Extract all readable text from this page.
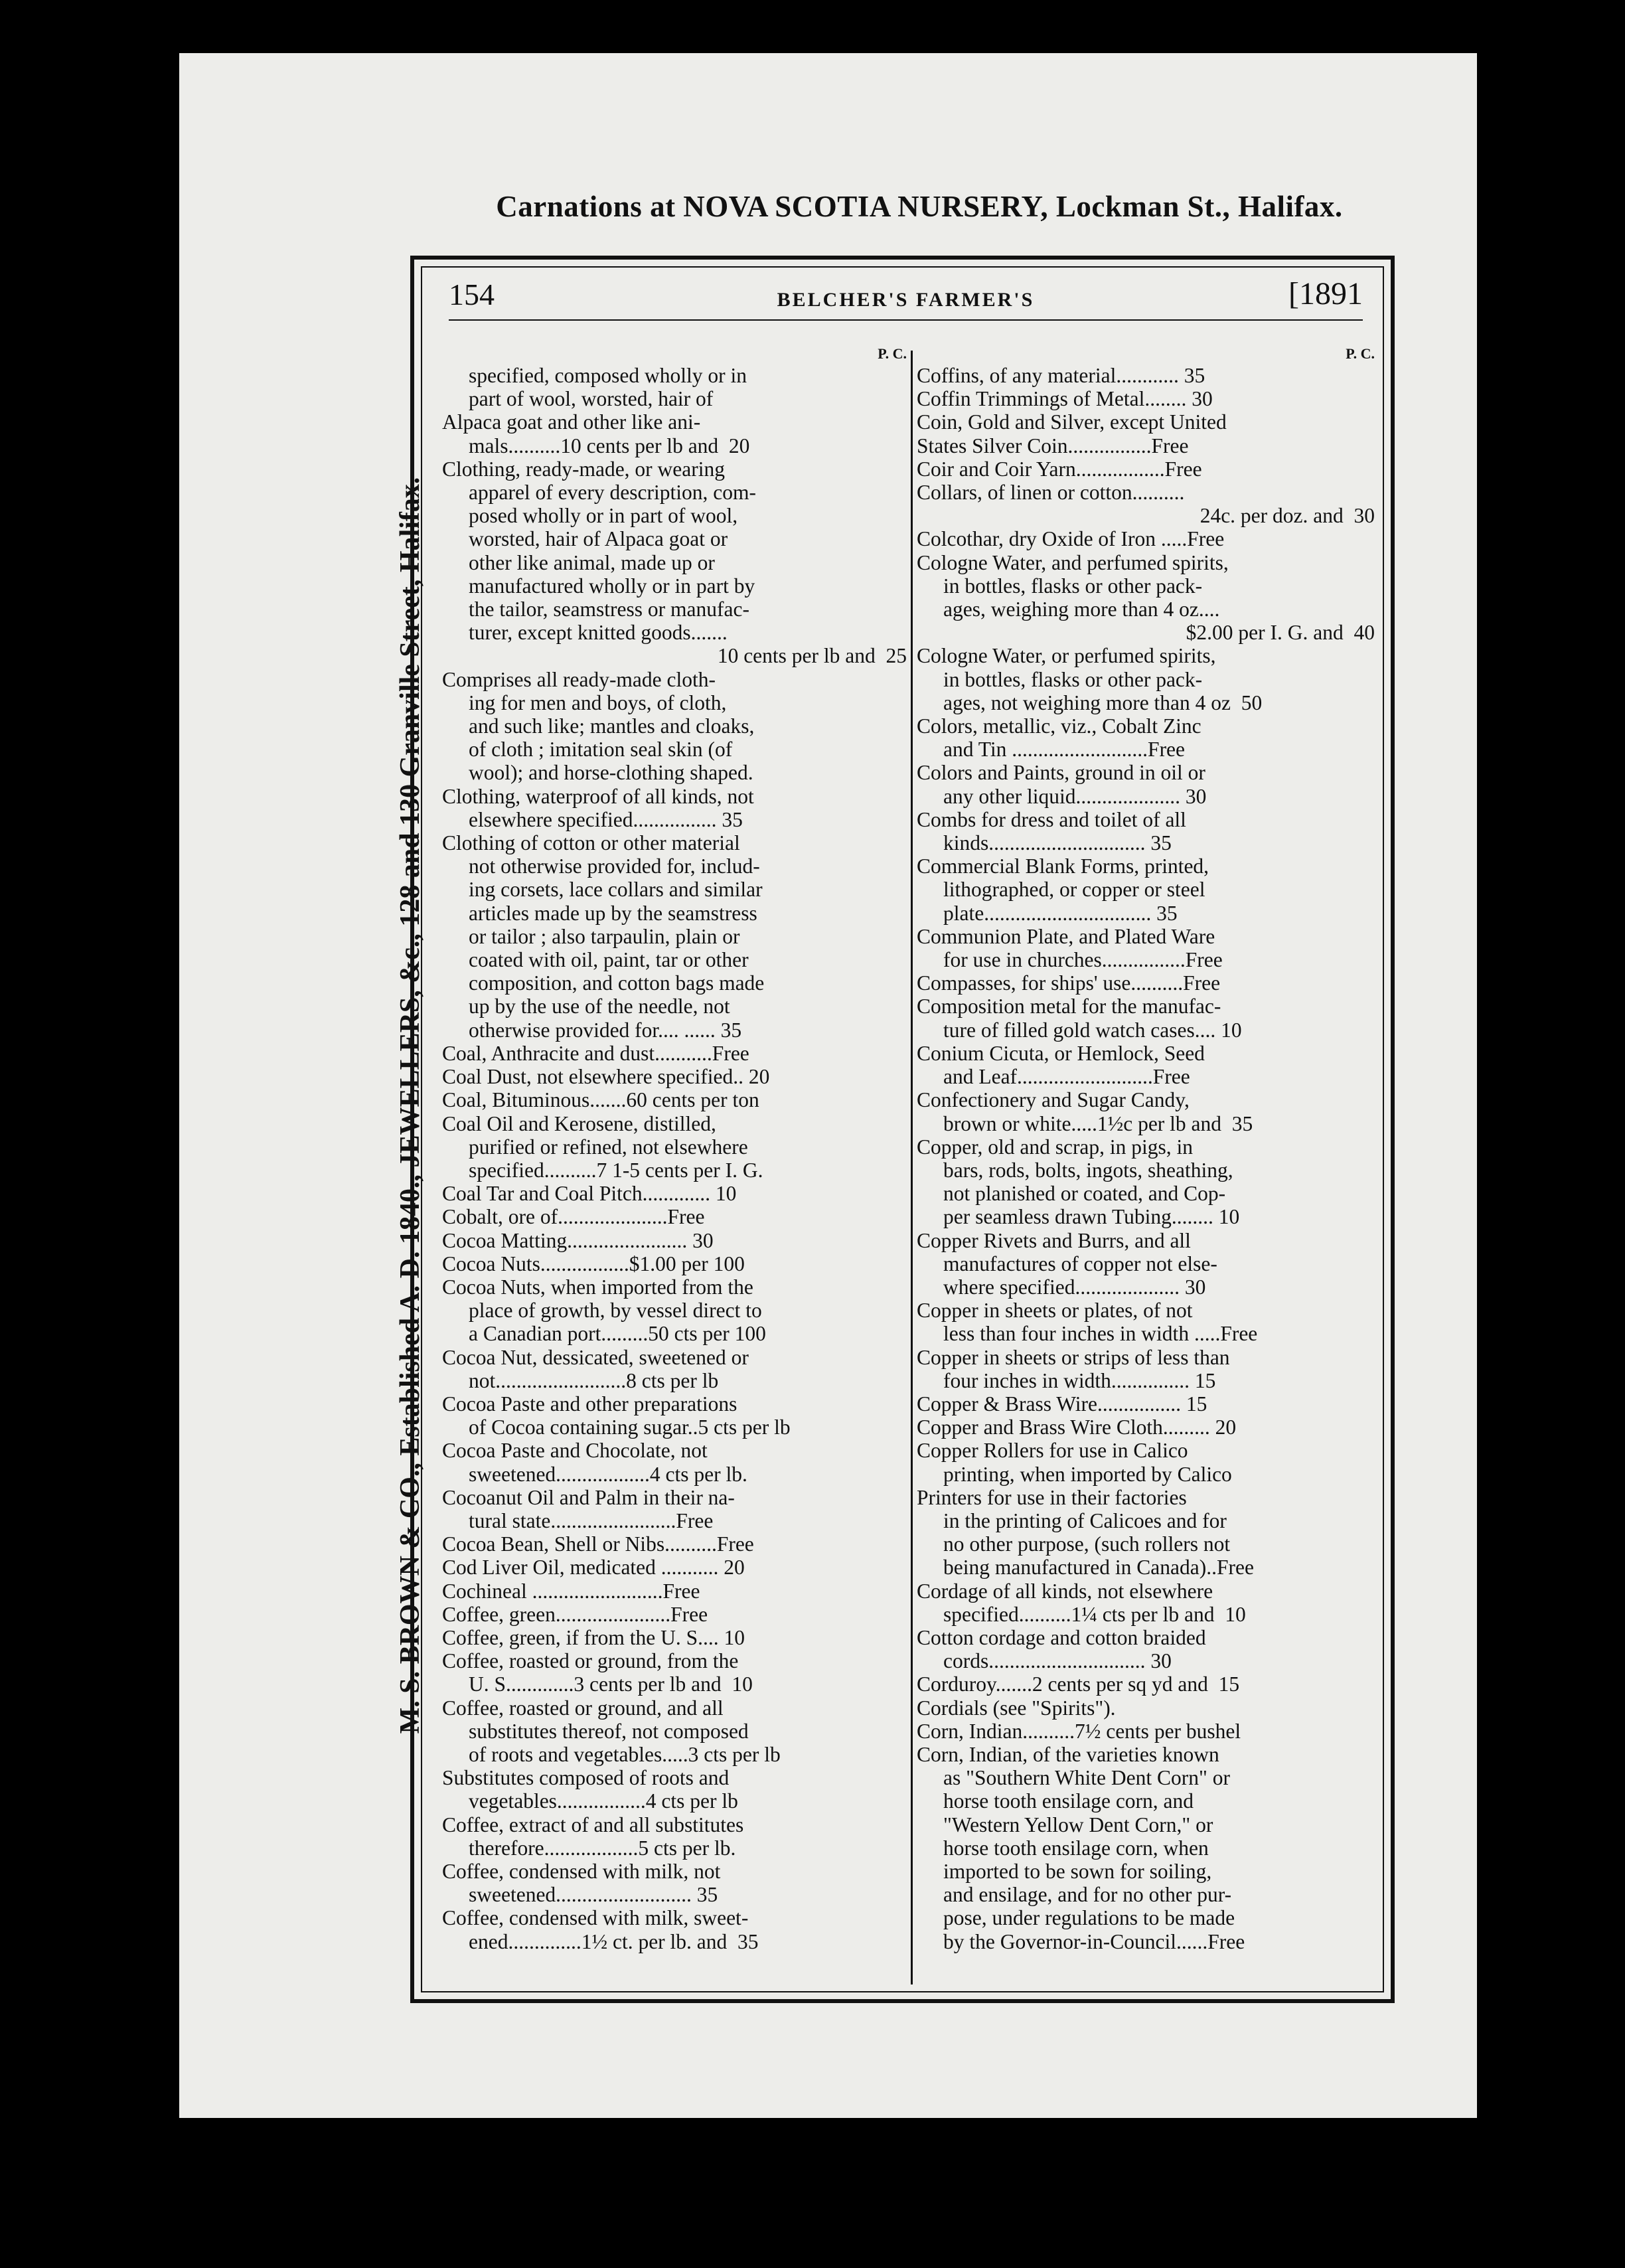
Carnations at NOVA SCOTIA NURSERY, Lockman St., Halifax.
M. S. BROWN & CO., Established A. D. 1840., JEWELLERS, &c., 128 and 130 Granville Street, Halifax.
154	BELCHER'S FARMER'S	[1891
P. C.
specified, composed wholly or in
part of wool, worsted, hair of
Alpaca goat and other like ani-
mals..........10 cents per lb and  20
Clothing, ready-made, or wearing
apparel of every description, com-
posed wholly or in part of wool,
worsted, hair of Alpaca goat or
other like animal, made up or
manufactured wholly or in part by
the tailor, seamstress or manufac-
turer, except knitted goods.......
10 cents per lb and  25
Comprises all ready-made cloth-
ing for men and boys, of cloth,
and such like; mantles and cloaks,
of cloth ; imitation seal skin (of
wool); and horse-clothing shaped.
Clothing, waterproof of all kinds, not
elsewhere specified................ 35
Clothing of cotton or other material
not otherwise provided for, includ-
ing corsets, lace collars and similar
articles made up by the seamstress
or tailor ; also tarpaulin, plain or
coated with oil, paint, tar or other
composition, and cotton bags made
up by the use of the needle, not
otherwise provided for.... ...... 35
Coal, Anthracite and dust...........Free
Coal Dust, not elsewhere specified.. 20
Coal, Bituminous.......60 cents per ton
Coal Oil and Kerosene, distilled,
purified or refined, not elsewhere
specified..........7 1-5 cents per I. G.
Coal Tar and Coal Pitch............. 10
Cobalt, ore of.....................Free
Cocoa Matting....................... 30
Cocoa Nuts.................$1.00 per 100
Cocoa Nuts, when imported from the
place of growth, by vessel direct to
a Canadian port.........50 cts per 100
Cocoa Nut, dessicated, sweetened or
not.........................8 cts per lb
Cocoa Paste and other preparations
of Cocoa containing sugar..5 cts per lb
Cocoa Paste and Chocolate, not
sweetened..................4 cts per lb.
Cocoanut Oil and Palm in their na-
tural state........................Free
Cocoa Bean, Shell or Nibs..........Free
Cod Liver Oil, medicated ........... 20
Cochineal .........................Free
Coffee, green......................Free
Coffee, green, if from the U. S.... 10
Coffee, roasted or ground, from the
U. S.............3 cents per lb and  10
Coffee, roasted or ground, and all
substitutes thereof, not composed
of roots and vegetables.....3 cts per lb
Substitutes composed of roots and
vegetables.................4 cts per lb
Coffee, extract of and all substitutes
therefore..................5 cts per lb.
Coffee, condensed with milk, not
sweetened.......................... 35
Coffee, condensed with milk, sweet-
ened..............1½ ct. per lb. and  35
P. C.
Coffins, of any material............ 35
Coffin Trimmings of Metal........ 30
Coin, Gold and Silver, except United
States Silver Coin................Free
Coir and Coir Yarn.................Free
Collars, of linen or cotton..........
24c. per doz. and  30
Colcothar, dry Oxide of Iron .....Free
Cologne Water, and perfumed spirits,
in bottles, flasks or other pack-
ages, weighing more than 4 oz....
$2.00 per I. G. and  40
Cologne Water, or perfumed spirits,
in bottles, flasks or other pack-
ages, not weighing more than 4 oz  50
Colors, metallic, viz., Cobalt Zinc
and Tin ..........................Free
Colors and Paints, ground in oil or
any other liquid.................... 30
Combs for dress and toilet of all
kinds.............................. 35
Commercial Blank Forms, printed,
lithographed, or copper or steel
plate................................ 35
Communion Plate, and Plated Ware
for use in churches................Free
Compasses, for ships' use..........Free
Composition metal for the manufac-
ture of filled gold watch cases.... 10
Conium Cicuta, or Hemlock, Seed
and Leaf..........................Free
Confectionery and Sugar Candy,
brown or white.....1½c per lb and  35
Copper, old and scrap, in pigs, in
bars, rods, bolts, ingots, sheathing,
not planished or coated, and Cop-
per seamless drawn Tubing........ 10
Copper Rivets and Burrs, and all
manufactures of copper not else-
where specified.................... 30
Copper in sheets or plates, of not
less than four inches in width .....Free
Copper in sheets or strips of less than
four inches in width............... 15
Copper & Brass Wire................ 15
Copper and Brass Wire Cloth......... 20
Copper Rollers for use in Calico
printing, when imported by Calico
Printers for use in their factories
in the printing of Calicoes and for
no other purpose, (such rollers not
being manufactured in Canada)..Free
Cordage of all kinds, not elsewhere
specified..........1¼ cts per lb and  10
Cotton cordage and cotton braided
cords.............................. 30
Corduroy.......2 cents per sq yd and  15
Cordials (see "Spirits").
Corn, Indian..........7½ cents per bushel
Corn, Indian, of the varieties known
as "Southern White Dent Corn" or
horse tooth ensilage corn, and
"Western Yellow Dent Corn," or
horse tooth ensilage corn, when
imported to be sown for soiling,
and ensilage, and for no other pur-
pose, under regulations to be made
by the Governor-in-Council......Free
